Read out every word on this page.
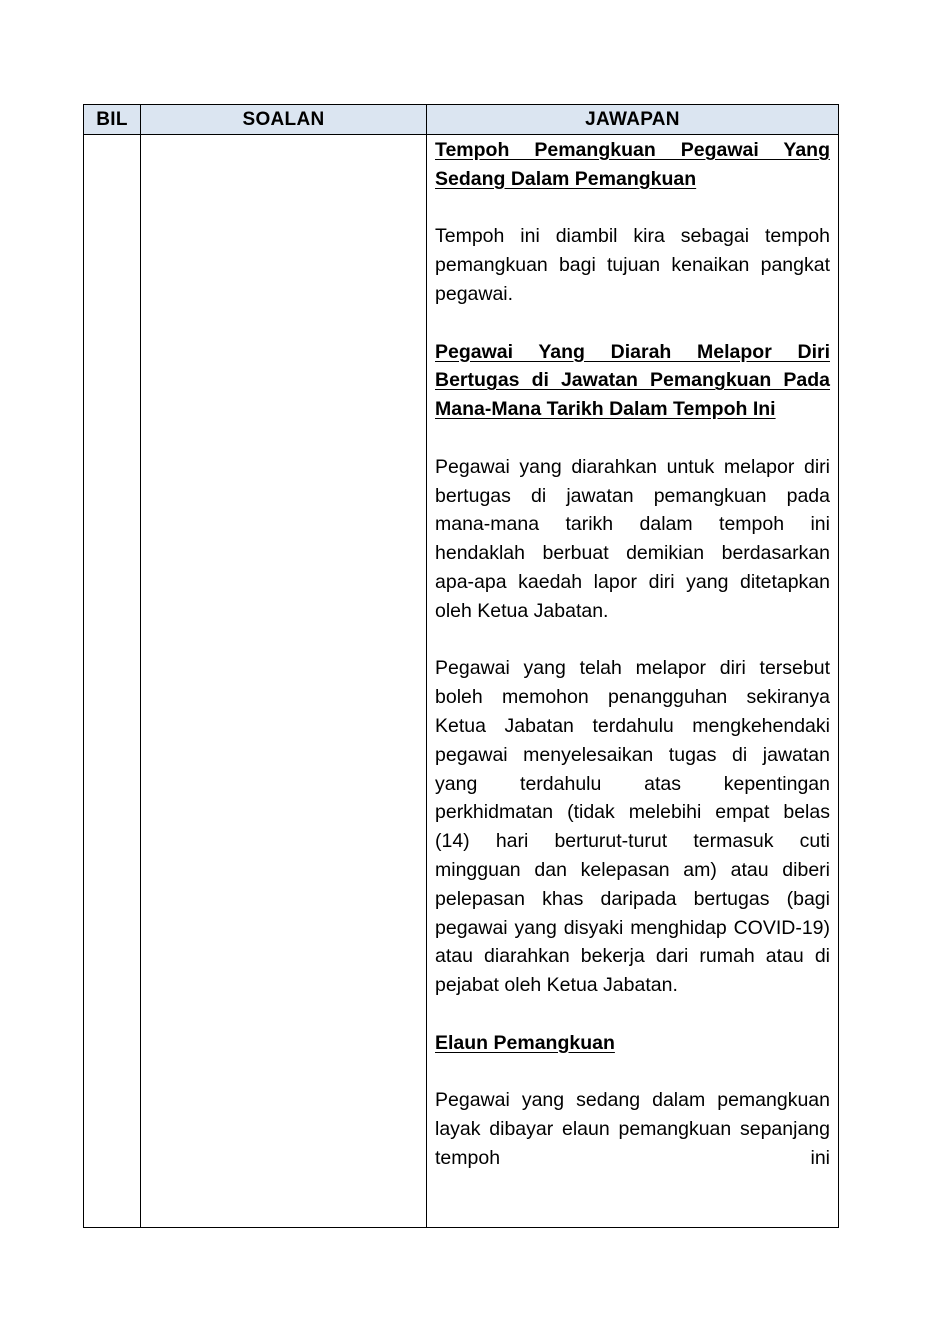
BIL	SOALAN	JAWAPAN

Tempoh Pemangkuan Pegawai Yang Sedang Dalam Pemangkuan

Tempoh ini diambil kira sebagai tempoh pemangkuan bagi tujuan kenaikan pangkat pegawai.

Pegawai Yang Diarah Melapor Diri Bertugas di Jawatan Pemangkuan Pada Mana-Mana Tarikh Dalam Tempoh Ini

Pegawai yang diarahkan untuk melapor diri bertugas di jawatan pemangkuan pada mana-mana tarikh dalam tempoh ini hendaklah berbuat demikian berdasarkan apa-apa kaedah lapor diri yang ditetapkan oleh Ketua Jabatan.

Pegawai yang telah melapor diri tersebut boleh memohon penangguhan sekiranya Ketua Jabatan terdahulu mengkehendaki pegawai menyelesaikan tugas di jawatan yang terdahulu atas kepentingan perkhidmatan (tidak melebihi empat belas (14) hari berturut-turut termasuk cuti mingguan dan kelepasan am) atau diberi pelepasan khas daripada bertugas (bagi pegawai yang disyaki menghidap COVID-19) atau diarahkan bekerja dari rumah atau di pejabat oleh Ketua Jabatan.

Elaun Pemangkuan

Pegawai yang sedang dalam pemangkuan layak dibayar elaun pemangkuan sepanjang tempoh ini
